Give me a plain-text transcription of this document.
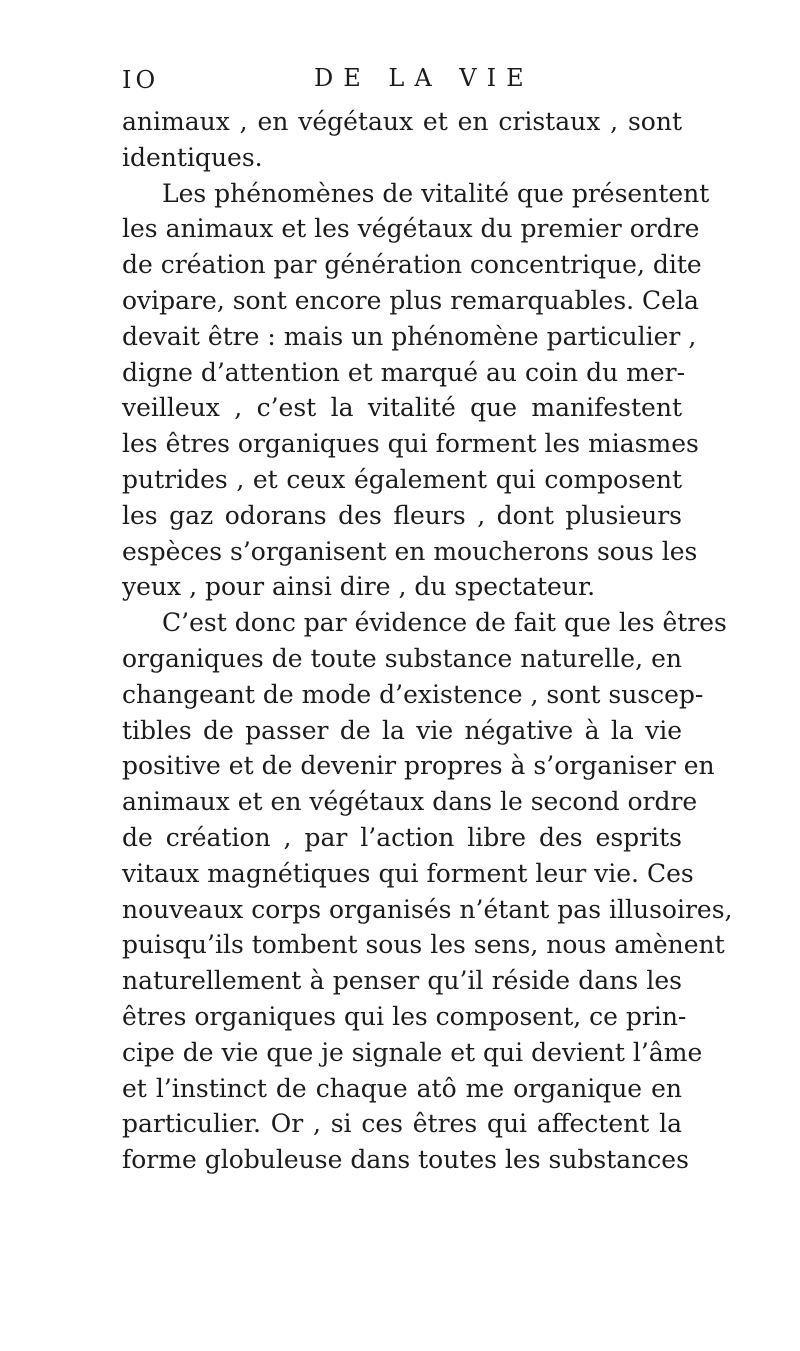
IO	DE LA VIE
animaux , en végétaux et en cristaux , sont
identiques.
Les phénomènes de vitalité que présentent
les animaux et les végétaux du premier ordre
de création par génération concentrique, dite
ovipare, sont encore plus remarquables. Cela
devait être : mais un phénomène particulier ,
digne d’attention et marqué au coin du mer-
veilleux , c’est la vitalité que manifestent
les êtres organiques qui forment les miasmes
putrides , et ceux également qui composent
les gaz odorans des fleurs , dont plusieurs
espèces s’organisent en moucherons sous les
yeux , pour ainsi dire , du spectateur.
C’est donc par évidence de fait que les êtres
organiques de toute substance naturelle, en
changeant de mode d’existence , sont suscep-
tibles de passer de la vie négative à la vie
positive et de devenir propres à s’organiser en
animaux et en végétaux dans le second ordre
de création , par l’action libre des esprits
vitaux magnétiques qui forment leur vie. Ces
nouveaux corps organisés n’étant pas illusoires,
puisqu’ils tombent sous les sens, nous amènent
naturellement à penser qu’il réside dans les
êtres organiques qui les composent, ce prin-
cipe de vie que je signale et qui devient l’âme
et l’instinct de chaque atô me organique en
particulier. Or , si ces êtres qui affectent la
forme globuleuse dans toutes les substances
